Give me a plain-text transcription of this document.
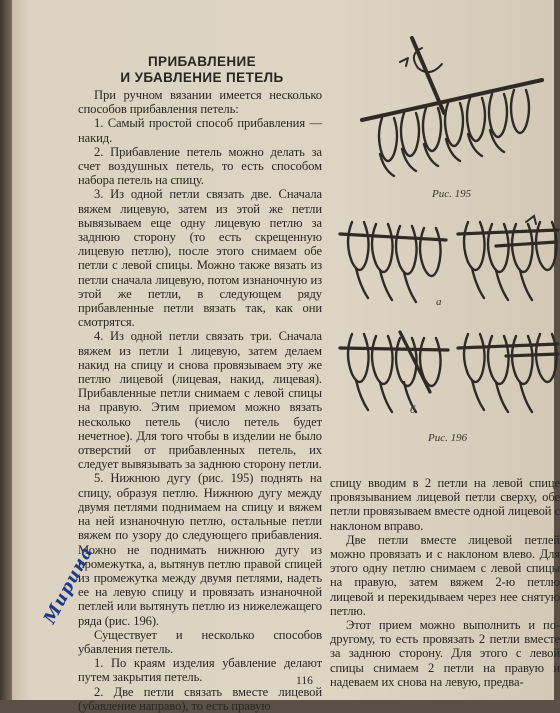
ПРИБАВЛЕНИЕ
И УБАВЛЕНИЕ ПЕТЕЛЬ

При ручном вязании имеется несколько способов прибавления петель:

1. Самый простой способ прибавления — накид.

2. Прибавление петель можно делать за счет воздушных петель, то есть способом набора петель на спицу.

3. Из одной петли связать две. Сначала вяжем лицевую, затем из этой же петли вывязываем еще одну лицевую петлю за заднюю сторону (то есть скрещенную лицевую петлю), после этого снимаем обе петли с левой спицы. Можно также вязать из петли сначала лицевую, потом изнаночную из этой же петли, в следующем ряду прибавленные петли вязать так, как они смотрятся.

4. Из одной петли связать три. Сначала вяжем из петли 1 лицевую, затем делаем накид на спицу и снова провязываем эту же петлю лицевой (лицевая, накид, лицевая). Прибавленные петли снимаем с левой спицы на правую. Этим приемом можно вязать несколько петель (число петель будет нечетное). Для того чтобы в изделии не было отверстий от прибавленных петель, их следует вывязывать за заднюю сторону петли.

5. Нижнюю дугу (рис. 195) поднять на спицу, образуя петлю. Нижнюю дугу между двумя петлями поднимаем на спицу и вяжем на ней изнаночную петлю, остальные петли вяжем по узору до следующего прибавления. Можно не поднимать нижнюю дугу из промежутка, а, вытянув петлю правой спицей из промежутка между двумя петлями, надеть ее на левую спицу и провязать изнаночной петлей или вытянуть петлю из нижележащего ряда (рис. 196).

Существует и несколько способов убавления петель.

1. По краям изделия убавление делают путем закрытия петель.

2. Две петли связать вместе лицевой (убавление направо), то есть правую

Рис. 195
а
б
Рис. 196

спицу вводим в 2 петли на левой спице провязыванием лицевой петли сверху, обе петли провязываем вместе одной лицевой с наклоном вправо.

Две петли вместе лицевой петлей можно провязать и с наклоном влево. Для этого одну петлю снимаем с левой спицы на правую, затем вяжем 2-ю петлю лицевой и перекидываем через нее снятую петлю.

Этот прием можно выполнить и по-другому, то есть провязать 2 петли вместе за заднюю сторону. Для этого с левой спицы снимаем 2 петли на правую и надеваем их снова на левую, предва-

116
Мирина
